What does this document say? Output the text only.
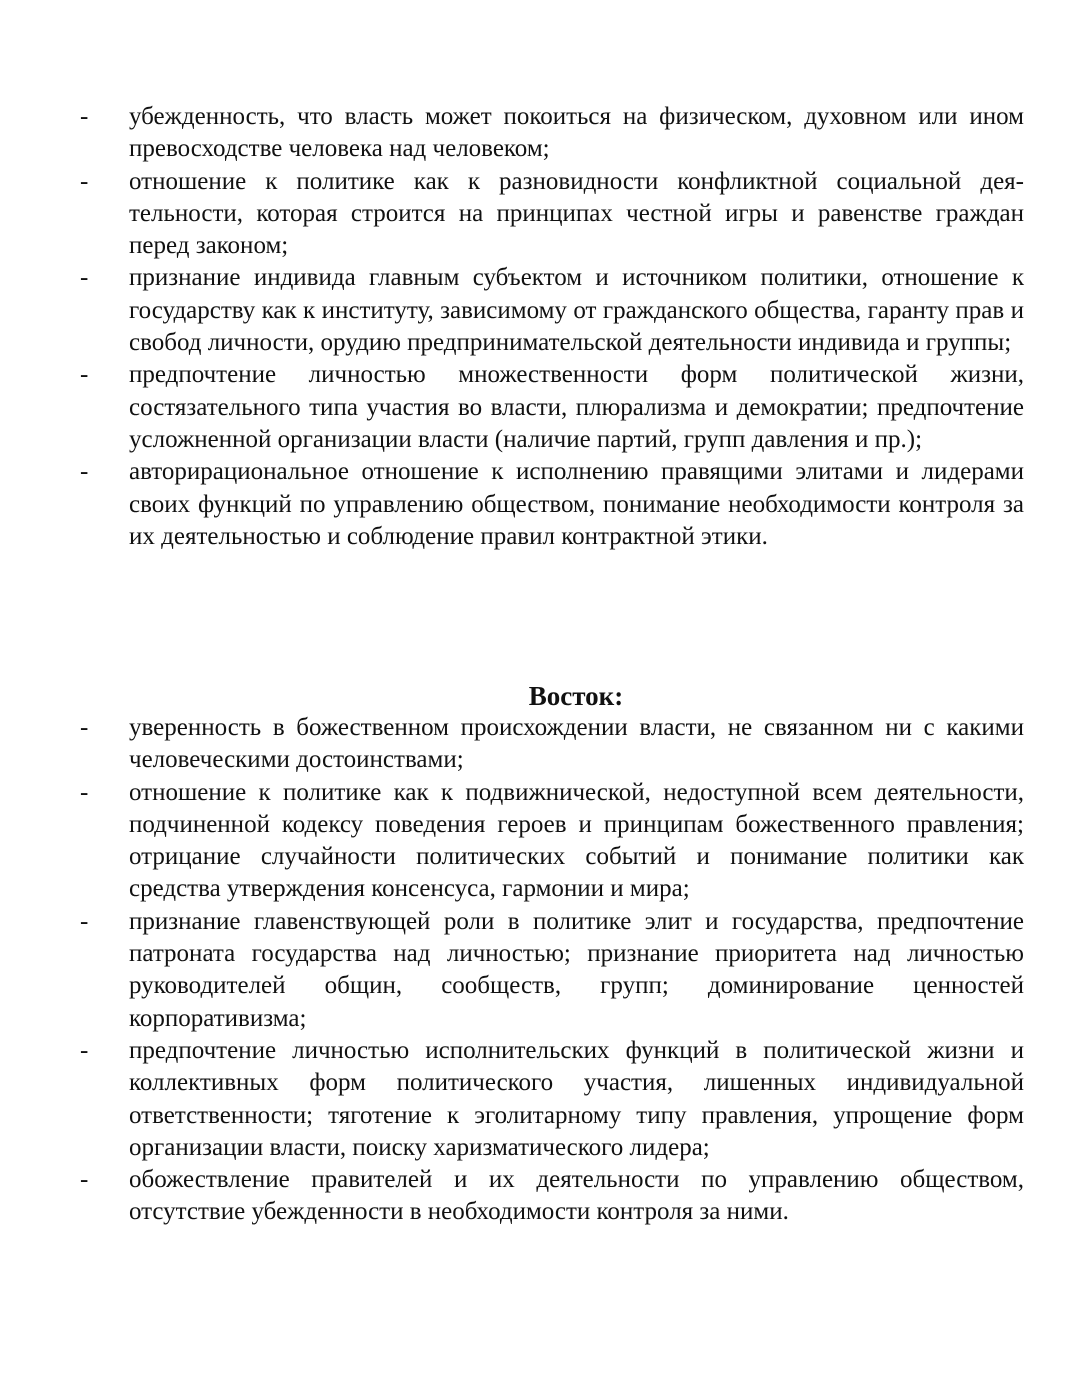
-	убежденность, что власть может покоиться на физическом, духовном или ином превосходстве человека над человеком;
-	отношение к политике как к разновидности конфликтной социальной деятельности, которая строится на принципах честной игры и равенстве граждан перед законом;
-	признание индивида главным субъектом и источником политики, отношение к государству как к институту, зависимому от гражданского общества, гаранту прав и свобод личности, орудию предпринимательской деятельности индивида и группы;
-	предпочтение личностью множественности форм политической жизни, состязательного типа участия во власти, плюрализма и демократии; предпочтение усложненной организации власти (наличие партий, групп давления и пр.);
-	авторирациональное отношение к исполнению правящими элитами и лидерами своих функций по управлению обществом, понимание необходимости контроля за их деятельностью и соблюдение правил контрактной этики.
Восток:
-	уверенность в божественном происхождении власти, не связанном ни с какими человеческими достоинствами;
-	отношение к политике как к подвижнической, недоступной всем деятельности, подчиненной кодексу поведения героев и принципам божественного правления; отрицание случайности политических событий и понимание политики как средства утверждения консенсуса, гармонии и мира;
-	признание главенствующей роли в политике элит и государства, предпочтение патроната государства над личностью; признание приоритета над личностью руководителей общин, сообществ, групп; доминирование ценностей корпоративизма;
-	предпочтение личностью исполнительских функций в политической жизни и коллективных форм политического участия, лишенных индивидуальной ответственности; тяготение к эголитарному типу правления, упрощение форм организации власти, поиску харизматического лидера;
-	обожествление правителей и их деятельности по управлению обществом, отсутствие убежденности в необходимости контроля за ними.
